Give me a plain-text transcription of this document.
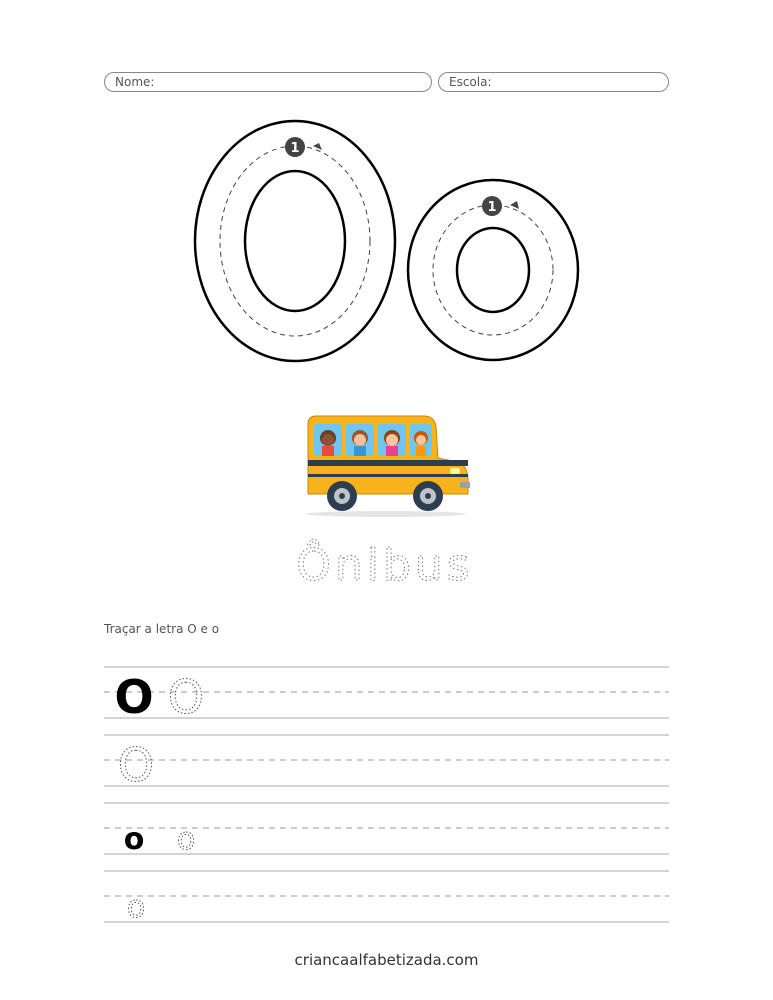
Nome:	Escola:
1
1
Ônibus
Traçar a letra O e o
O O
O
o o
o
criancaalfabetizada.com
